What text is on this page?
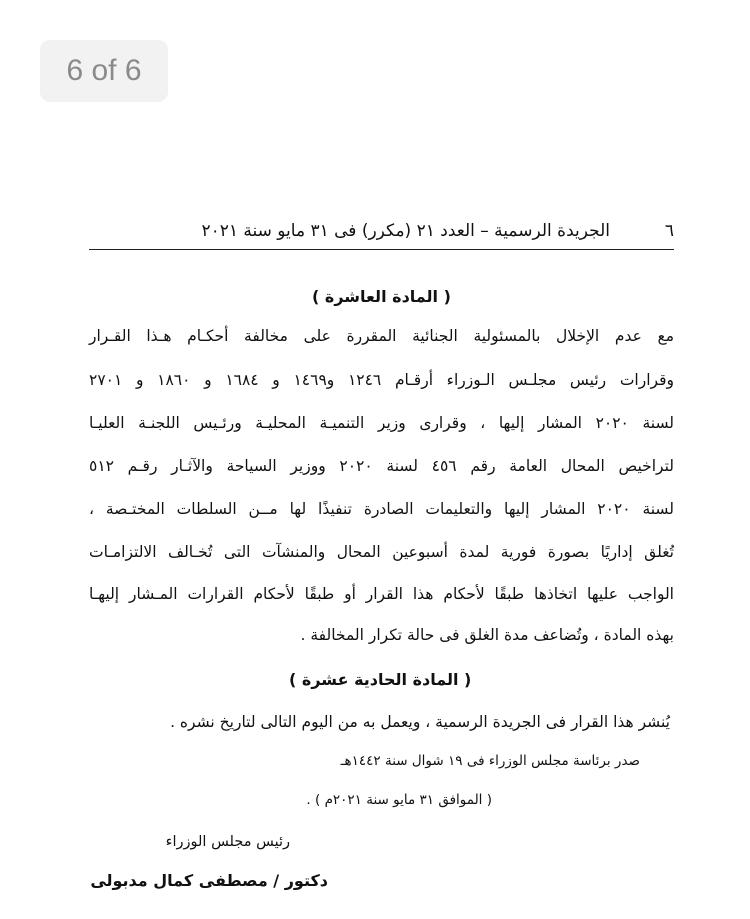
6 of 6
٦
الجريدة الرسمية – العدد ٢١ (مكرر) فى ٣١ مايو سنة ٢٠٢١
( المادة العاشرة )
مع عدم الإخلال بالمسئولية الجنائية المقررة على مخالفة أحكـام هـذا القـرار
وقرارات رئيس مجلـس الـوزراء أرقـام ١٢٤٦ و١٤٦٩ و ١٦٨٤ و ١٨٦٠ و ٢٧٠١
لسنة ٢٠٢٠ المشار إليها ، وقرارى وزير التنميـة المحليـة ورئـيس اللجنـة العليـا
لتراخيص المحال العامة رقم ٤٥٦ لسنة ٢٠٢٠ ووزير السياحة والآثـار رقـم ٥١٢
لسنة ٢٠٢٠ المشار إليها والتعليمات الصادرة تنفيذًا لها مــن السلطات المختـصة ،
تُغلق إداريًا بصورة فورية لمدة أسبوعين المحال والمنشآت التى تُخـالف الالتزامـات
الواجب عليها اتخاذها طبقًا لأحكام هذا القرار أو طبقًا لأحكام القرارات المـشار إليهـا
بهذه المادة ، وتُضاعف مدة الغلق فى حالة تكرار المخالفة .
( المادة الحادية عشرة )
يُنشر هذا القرار فى الجريدة الرسمية ، ويعمل به من اليوم التالى لتاريخ نشره .
صدر برئاسة مجلس الوزراء فى ١٩ شوال سنة ١٤٤٢هـ
( الموافق ٣١ مايو سنة ٢٠٢١م ) .
رئيس مجلس الوزراء
دكتور / مصطفى كمال مدبولى
